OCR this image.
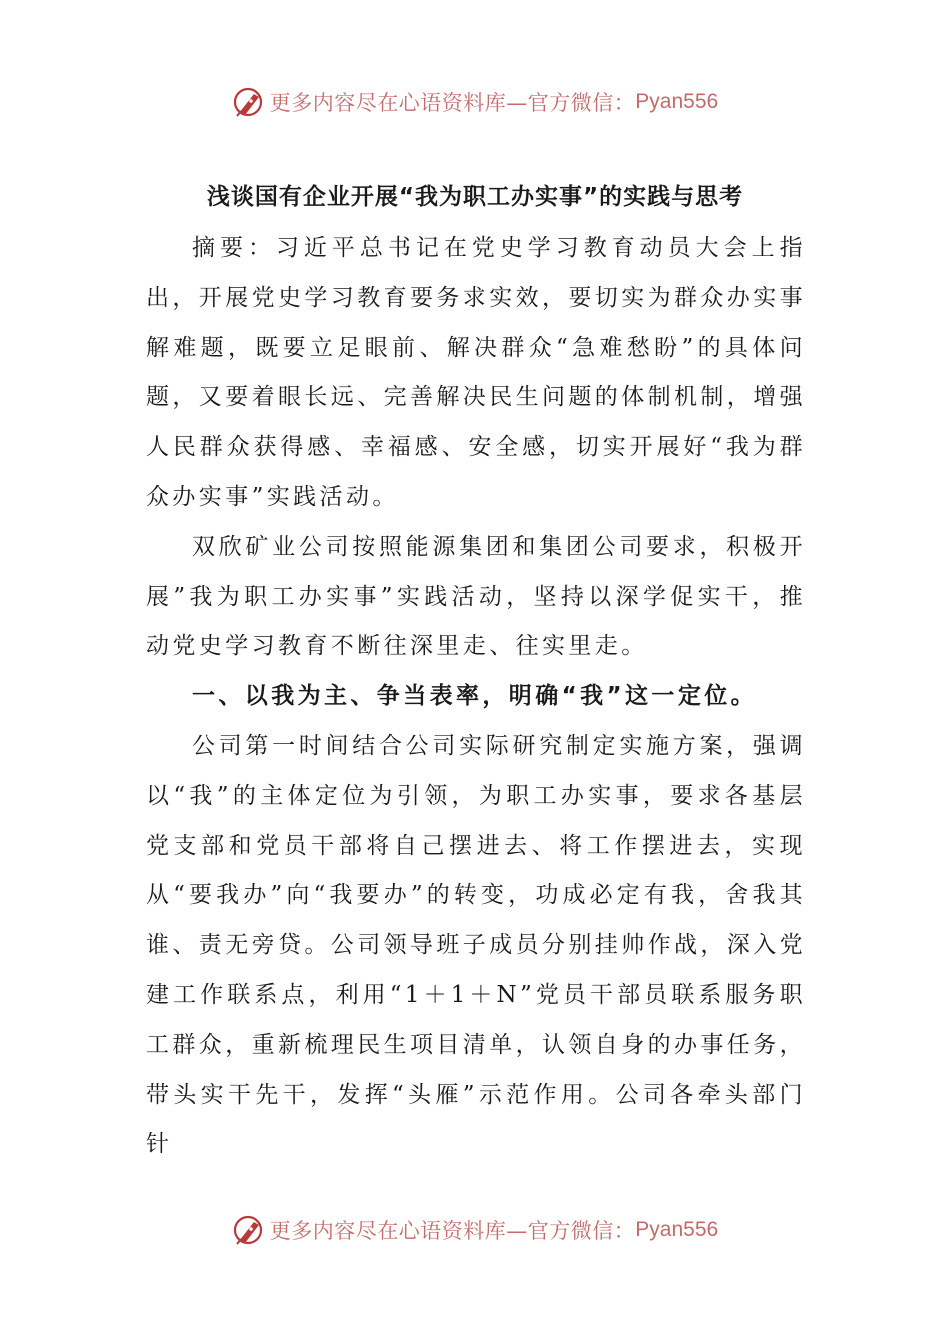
更多内容尽在心语资料库—官方微信： Pyan556
浅谈国有企业开展“我为职工办实事”的实践与思考

摘要：习近平总书记在党史学习教育动员大会上指出，开展党史学习教育要务求实效，要切实为群众办实事解难题，既要立足眼前、解决群众“急难愁盼”的具体问题，又要着眼长远、完善解决民生问题的体制机制，增强人民群众获得感、幸福感、安全感，切实开展好“我为群众办实事”实践活动。

双欣矿业公司按照能源集团和集团公司要求，积极开展”我为职工办实事”实践活动，坚持以深学促实干，推动党史学习教育不断往深里走、往实里走。

一、以我为主、争当表率，明确“我”这一定位。

公司第一时间结合公司实际研究制定实施方案，强调以“我”的主体定位为引领，为职工办实事，要求各基层党支部和党员干部将自己摆进去、将工作摆进去，实现从“要我办”向“我要办”的转变，功成必定有我，舍我其谁、责无旁贷。公司领导班子成员分别挂帅作战，深入党建工作联系点，利用“1＋1＋N”党员干部员联系服务职工群众，重新梳理民生项目清单，认领自身的办事任务，带头实干先干，发挥“头雁”示范作用。公司各牵头部门针

更多内容尽在心语资料库—官方微信： Pyan556
